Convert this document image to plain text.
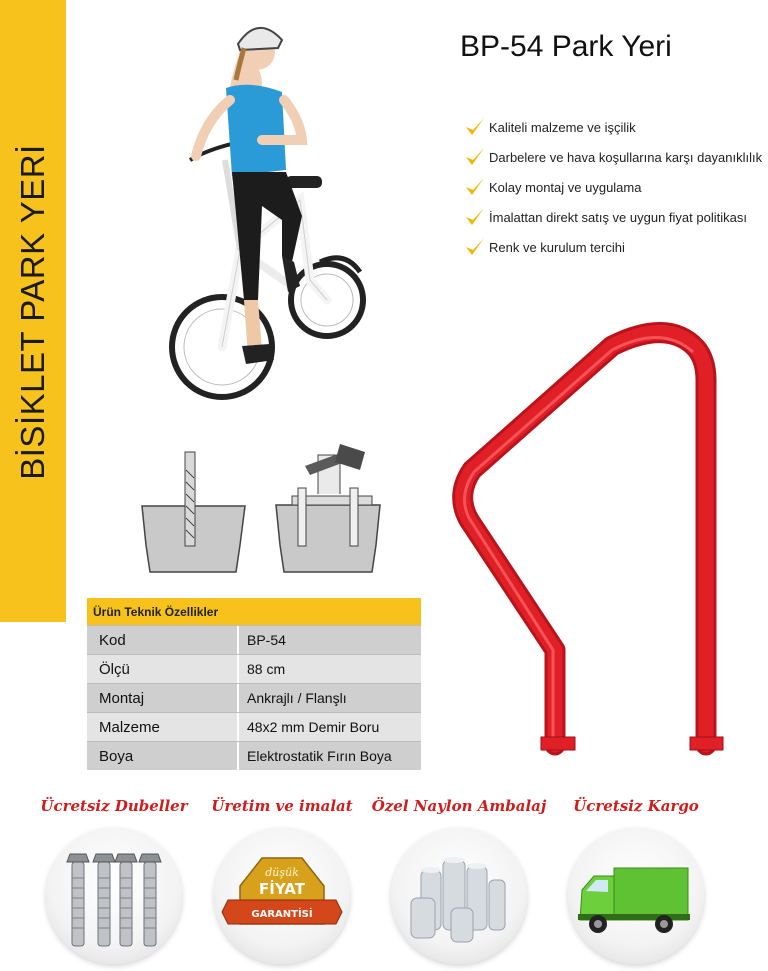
BİSİKLET PARK YERİ
BP-54 Park Yeri
Kaliteli malzeme ve işçilik
Darbelere ve hava koşullarına karşı dayanıklılık
Kolay montaj ve uygulama
İmalattan direkt satış ve uygun fiyat politikası
Renk ve kurulum tercihi
Ürün Teknik Özellikler
Kod	BP-54
Ölçü	88 cm
Montaj	Ankrajlı / Flanşlı
Malzeme	48x2 mm Demir Boru
Boya	Elektrostatik Fırın Boya
Ücretsiz Dubeller Üretim ve imalat Özel Naylon Ambalaj Ücretsiz Kargo
düşük
FİYAT
GARANTİSİ
